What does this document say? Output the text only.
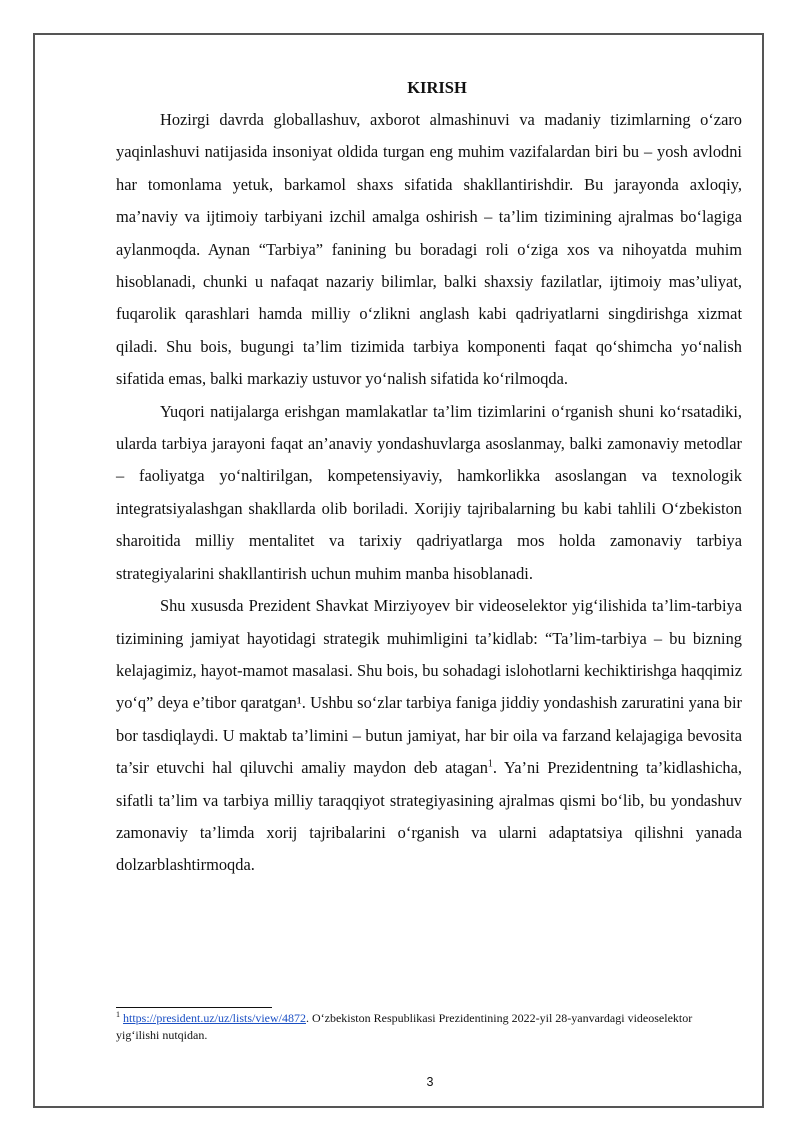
KIRISH

Hozirgi davrda globallashuv, axborot almashinuvi va madaniy tizimlarning o‘zaro yaqinlashuvi natijasida insoniyat oldida turgan eng muhim vazifalardan biri bu – yosh avlodni har tomonlama yetuk, barkamol shaxs sifatida shakllantirishdir. Bu jarayonda axloqiy, ma’naviy va ijtimoiy tarbiyani izchil amalga oshirish – ta’lim tizimining ajralmas bo‘lagiga aylanmoqda. Aynan “Tarbiya” fanining bu boradagi roli o‘ziga xos va nihoyatda muhim hisoblanadi, chunki u nafaqat nazariy bilimlar, balki shaxsiy fazilatlar, ijtimoiy mas’uliyat, fuqarolik qarashlari hamda milliy o‘zlikni anglash kabi qadriyatlarni singdirishga xizmat qiladi. Shu bois, bugungi ta’lim tizimida tarbiya komponenti faqat qo‘shimcha yo‘nalish sifatida emas, balki markaziy ustuvor yo‘nalish sifatida ko‘rilmoqda.

Yuqori natijalarga erishgan mamlakatlar ta’lim tizimlarini o‘rganish shuni ko‘rsatadiki, ularda tarbiya jarayoni faqat an’anaviy yondashuvlarga asoslanmay, balki zamonaviy metodlar – faoliyatga yo‘naltirilgan, kompetensiyaviy, hamkorlikka asoslangan va texnologik integratsiyalashgan shakllarda olib boriladi. Xorijiy tajribalarning bu kabi tahlili O‘zbekiston sharoitida milliy mentalitet va tarixiy qadriyatlarga mos holda zamonaviy tarbiya strategiyalarini shakllantirish uchun muhim manba hisoblanadi.

Shu xususda Prezident Shavkat Mirziyoyev bir videoselektor yig‘ilishida ta’lim-tarbiya tizimining jamiyat hayotidagi strategik muhimligini ta’kidlab: “Ta’lim-tarbiya – bu bizning kelajagimiz, hayot-mamot masalasi. Shu bois, bu sohadagi islohotlarni kechiktirishga haqqimiz yo‘q” deya e’tibor qaratgan¹. Ushbu so‘zlar tarbiya faniga jiddiy yondashish zaruratini yana bir bor tasdiqlaydi. U maktab ta’limini – butun jamiyat, har bir oila va farzand kelajagiga bevosita ta’sir etuvchi hal qiluvchi amaliy maydon deb atagan$^1$. Ya’ni Prezidentning ta’kidlashicha, sifatli ta’lim va tarbiya milliy taraqqiyot strategiyasining ajralmas qismi bo‘lib, bu yondashuv zamonaviy ta’limda xorij tajribalarini o‘rganish va ularni adaptatsiya qilishni yanada dolzarblashtirmoqda.

$^1$ https://president.uz/uz/lists/view/4872. O‘zbekiston Respublikasi Prezidentining 2022-yil 28-yanvardagi videoselektor yig‘ilishi nutqidan.
3
